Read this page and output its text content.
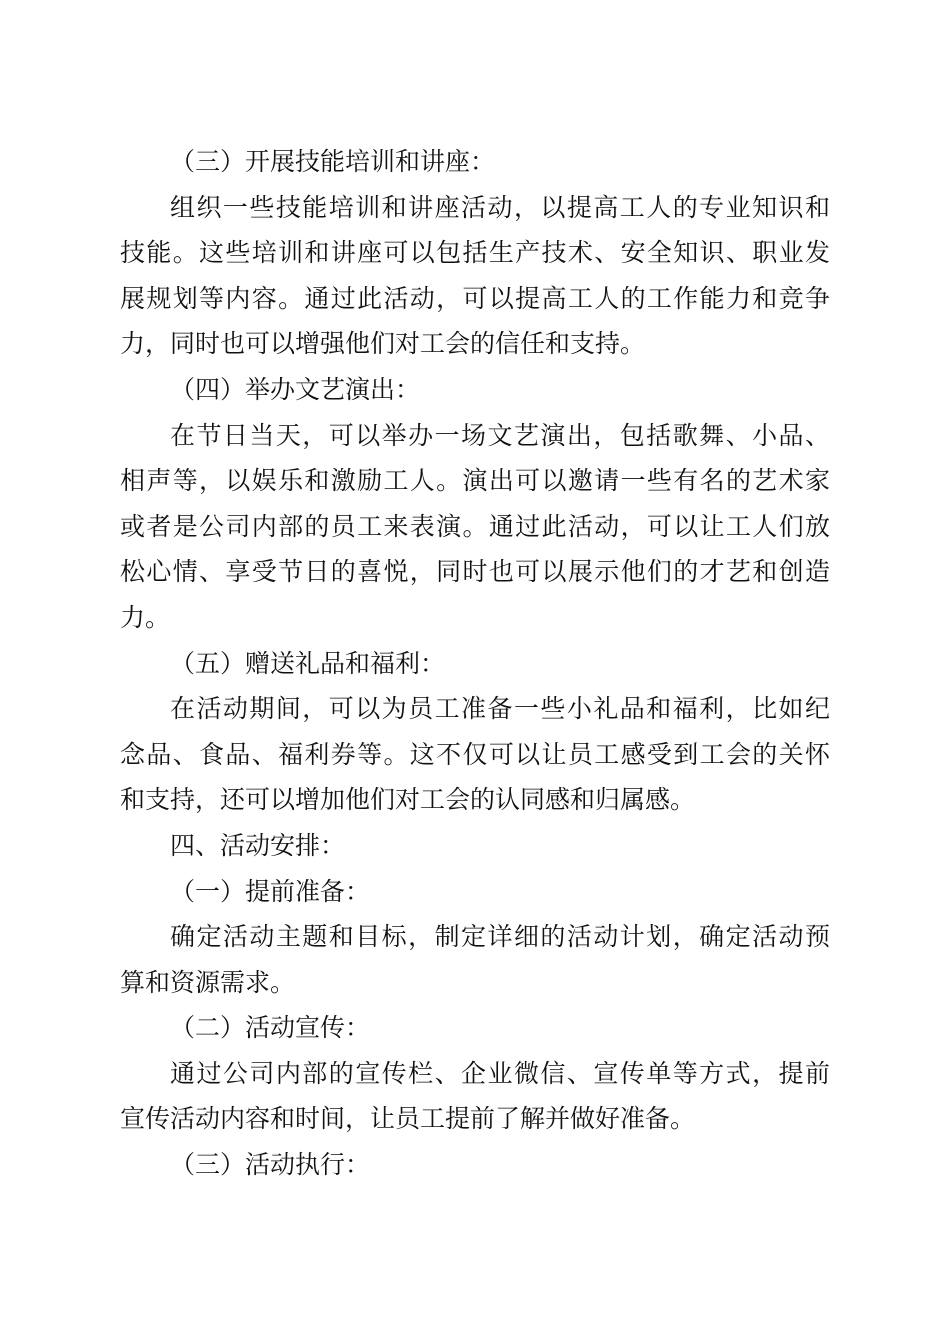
（三）开展技能培训和讲座：
组织一些技能培训和讲座活动，以提高工人的专业知识和
技能。这些培训和讲座可以包括生产技术、安全知识、职业发
展规划等内容。通过此活动，可以提高工人的工作能力和竞争
力，同时也可以增强他们对工会的信任和支持。
（四）举办文艺演出：
在节日当天，可以举办一场文艺演出，包括歌舞、小品、
相声等，以娱乐和激励工人。演出可以邀请一些有名的艺术家
或者是公司内部的员工来表演。通过此活动，可以让工人们放
松心情、享受节日的喜悦，同时也可以展示他们的才艺和创造
力。
（五）赠送礼品和福利：
在活动期间，可以为员工准备一些小礼品和福利，比如纪
念品、食品、福利券等。这不仅可以让员工感受到工会的关怀
和支持，还可以增加他们对工会的认同感和归属感。
四、活动安排：
（一）提前准备：
确定活动主题和目标，制定详细的活动计划，确定活动预
算和资源需求。
（二）活动宣传：
通过公司内部的宣传栏、企业微信、宣传单等方式，提前
宣传活动内容和时间，让员工提前了解并做好准备。
（三）活动执行：
